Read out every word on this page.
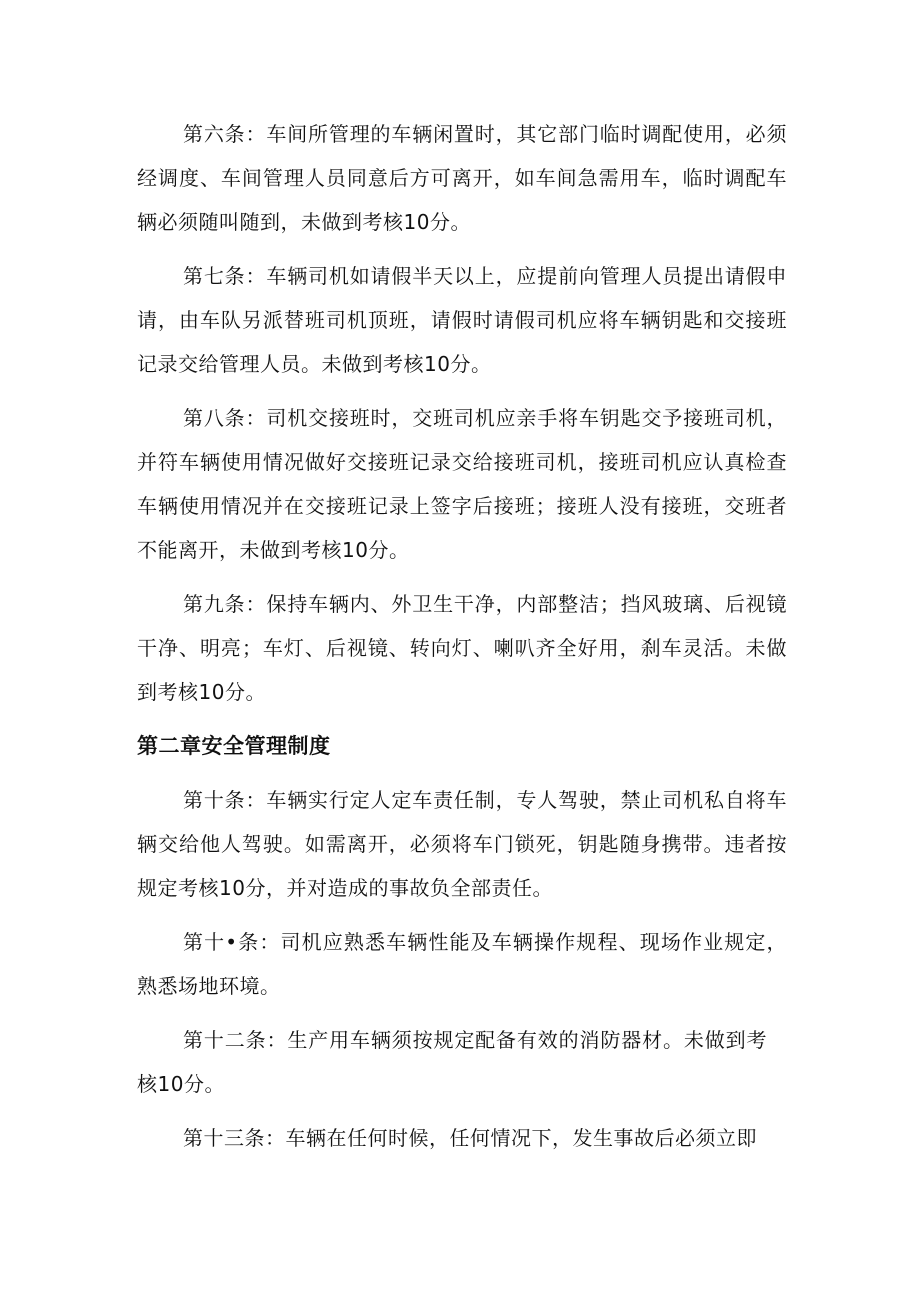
第六条：车间所管理的车辆闲置时，其它部门临时调配使用，必须经调度、车间管理人员同意后方可离开，如车间急需用车，临时调配车辆必须随叫随到，未做到考核10分。

第七条：车辆司机如请假半天以上，应提前向管理人员提出请假申请，由车队另派替班司机顶班，请假时请假司机应将车辆钥匙和交接班记录交给管理人员。未做到考核10分。

第八条：司机交接班时，交班司机应亲手将车钥匙交予接班司机，并符车辆使用情况做好交接班记录交给接班司机，接班司机应认真检查车辆使用情况并在交接班记录上签字后接班；接班人没有接班，交班者不能离开，未做到考核10分。

第九条：保持车辆内、外卫生干净，内部整洁；挡风玻璃、后视镜干净、明亮；车灯、后视镜、转向灯、喇叭齐全好用，刹车灵活。未做到考核10分。

第二章安全管理制度

第十条：车辆实行定人定车责任制，专人驾驶，禁止司机私自将车辆交给他人驾驶。如需离开，必须将车门锁死，钥匙随身携带。违者按规定考核10分，并对造成的事故负全部责任。

第十•条：司机应熟悉车辆性能及车辆操作规程、现场作业规定，熟悉场地环境。

第十二条：生产用车辆须按规定配备有效的消防器材。未做到考核10分。

第十三条：车辆在任何时候，任何情况下，发生事故后必须立即
